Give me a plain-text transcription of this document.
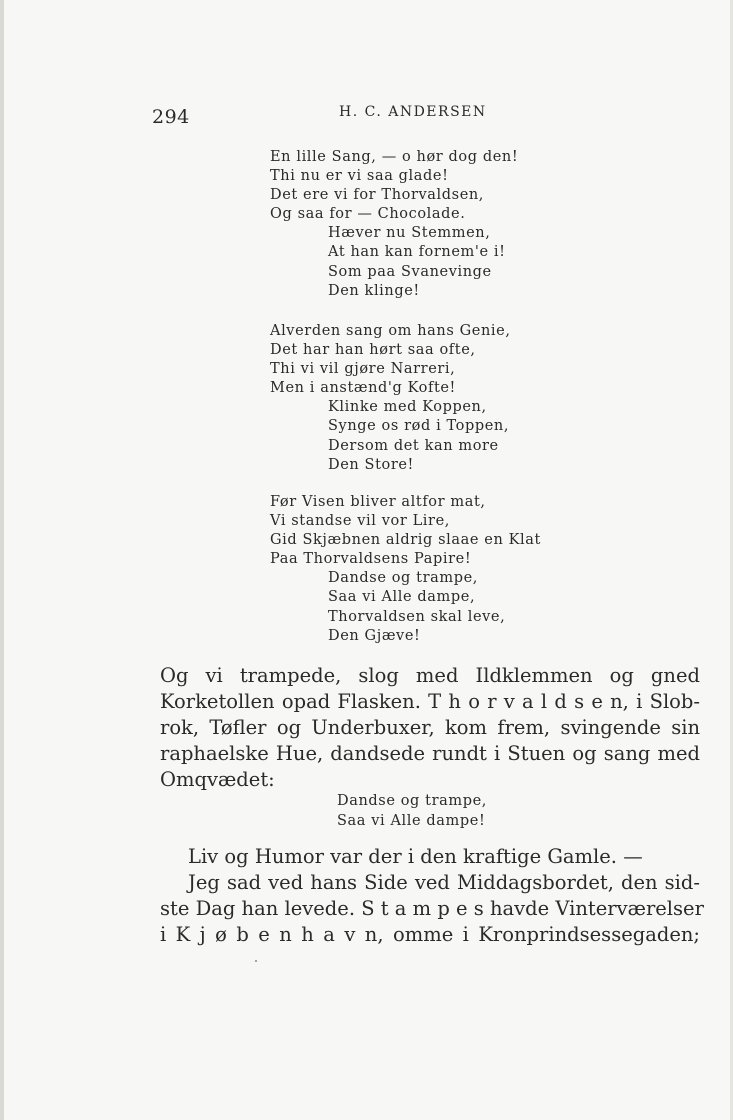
294	H. C. ANDERSEN
En lille Sang, — o hør dog den!
Thi nu er vi saa glade!
Det ere vi for Thorvaldsen,
Og saa for — Chocolade.
Hæver nu Stemmen,
At han kan fornem'e i!
Som paa Svanevinge
Den klinge!
Alverden sang om hans Genie,
Det har han hørt saa ofte,
Thi vi vil gjøre Narreri,
Men i anstænd'g Kofte!
Klinke med Koppen,
Synge os rød i Toppen,
Dersom det kan more
Den Store!
Før Visen bliver altfor mat,
Vi standse vil vor Lire,
Gid Skjæbnen aldrig slaae en Klat
Paa Thorvaldsens Papire!
Dandse og trampe,
Saa vi Alle dampe,
Thorvaldsen skal leve,
Den Gjæve!
Og vi trampede, slog med Ildklemmen og gned
Korketollen opad Flasken. T h o r v a l d s e n, i Slob-
rok, Tøfler og Underbuxer, kom frem, svingende sin
raphaelske Hue, dandsede rundt i Stuen og sang med
Omqvædet:
Dandse og trampe,
Saa vi Alle dampe!
Liv og Humor var der i den kraftige Gamle. —
Jeg sad ved hans Side ved Middagsbordet, den sid-
ste Dag han levede. S t a m p e s havde Vinterværelser
i K j ø b e n h a v n, omme i Kronprindsessegaden;
